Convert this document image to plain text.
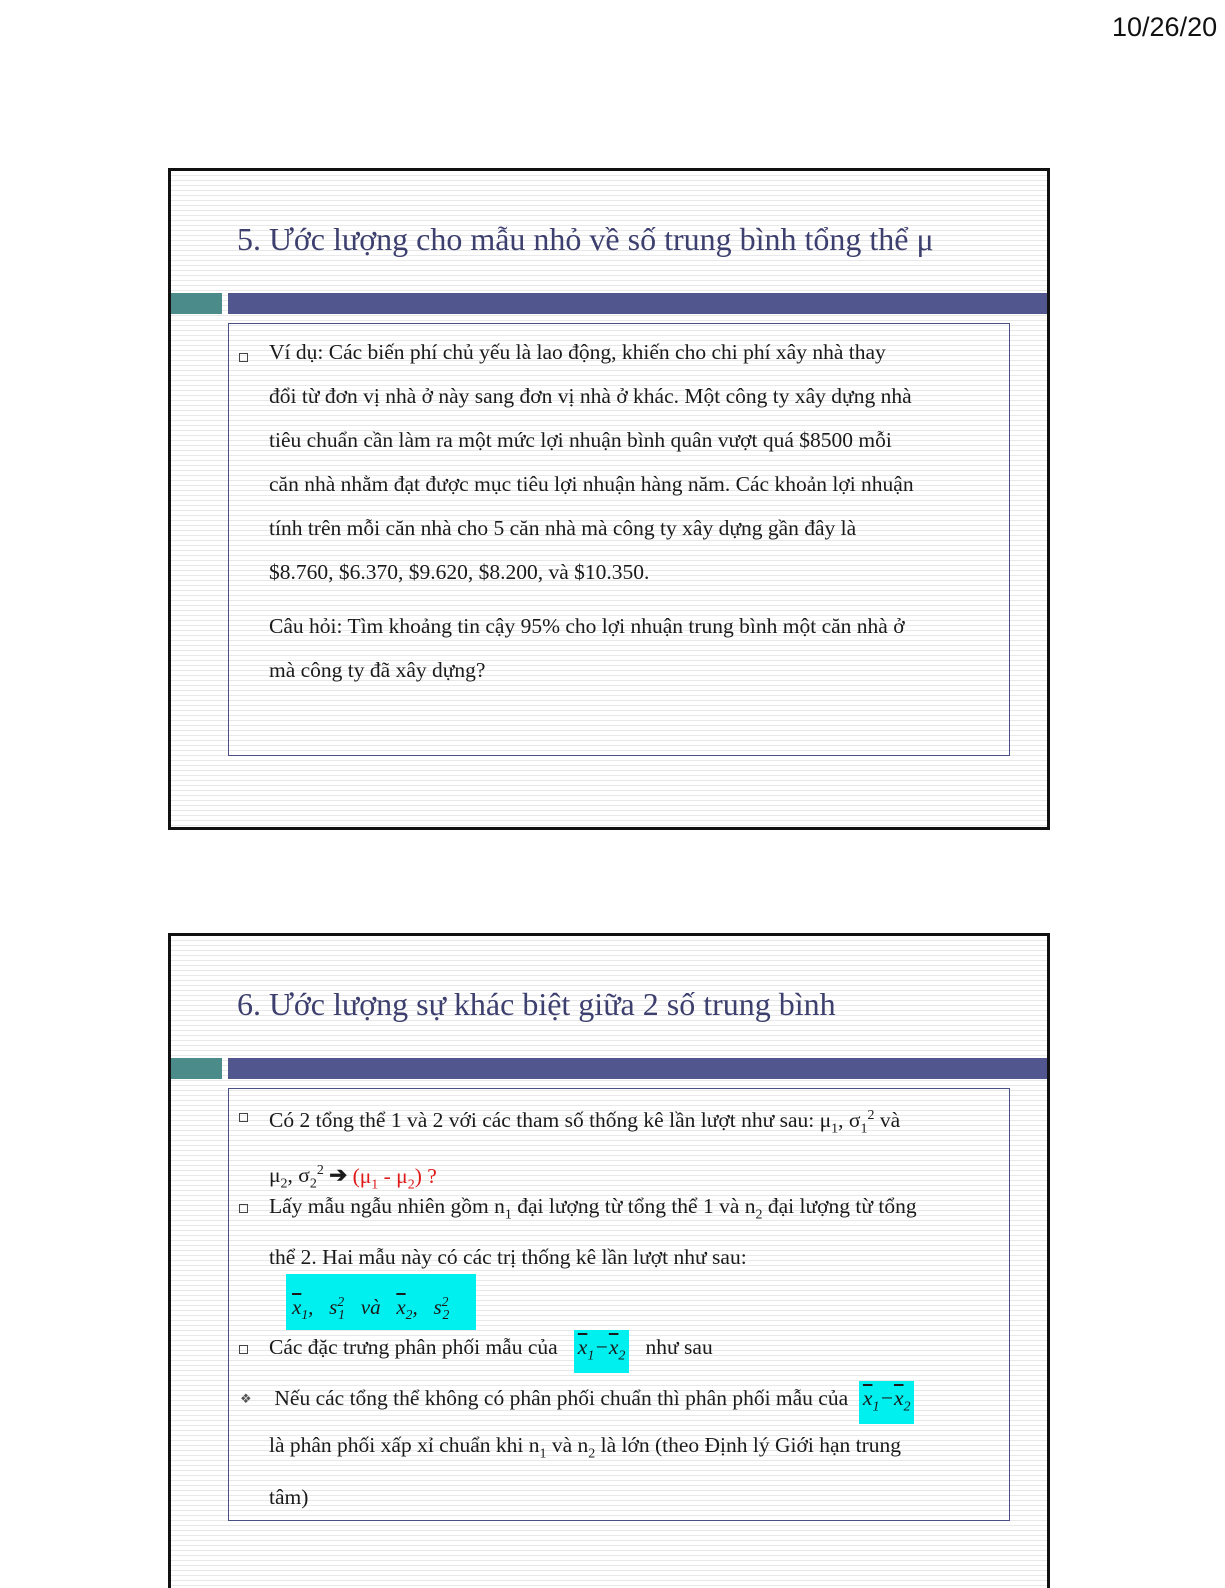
10/26/20
5. Ước lượng cho mẫu nhỏ về số trung bình tổng thể μ
Ví dụ: Các biến phí chủ yếu là lao động, khiến cho chi phí xây nhà thay
đổi từ đơn vị nhà ở này sang đơn vị nhà ở khác. Một công ty xây dựng nhà
tiêu chuẩn cần làm ra một mức lợi nhuận bình quân vượt quá $8500 mỗi
căn nhà nhằm đạt được mục tiêu lợi nhuận hàng năm. Các khoản lợi nhuận
tính trên mỗi căn nhà cho 5 căn nhà mà công ty xây dựng gần đây là
$8.760, $6.370, $9.620, $8.200, và $10.350.
Câu hỏi: Tìm khoảng tin cậy 95% cho lợi nhuận trung bình một căn nhà ở
mà công ty đã xây dựng?
6. Ước lượng sự khác biệt giữa 2 số trung bình
Có 2 tổng thể 1 và 2 với các tham số thống kê lần lượt như sau: $\mu_1$, $\sigma_1^2$ và
$\mu_2$, $\sigma_2^2$ ➔ $(\mu_1 - \mu_2)$ ?
Lấy mẫu ngẫu nhiên gồm $n_1$ đại lượng từ tổng thể 1 và $n_2$ đại lượng từ tổng
thể 2. Hai mẫu này có các trị thống kê lần lượt như sau:
$\overline{x}_1$, $s^2_1$ và $\overline{x}_2$, $s^2_2$
Các đặc trưng phân phối mẫu của $\overline{x}_1-\overline{x}_2$ như sau
❖ Nếu các tổng thể không có phân phối chuẩn thì phân phối mẫu của $\overline{x}_1-\overline{x}_2$
là phân phối xấp xỉ chuẩn khi $n_1$ và $n_2$ là lớn (theo Định lý Giới hạn trung
tâm)
